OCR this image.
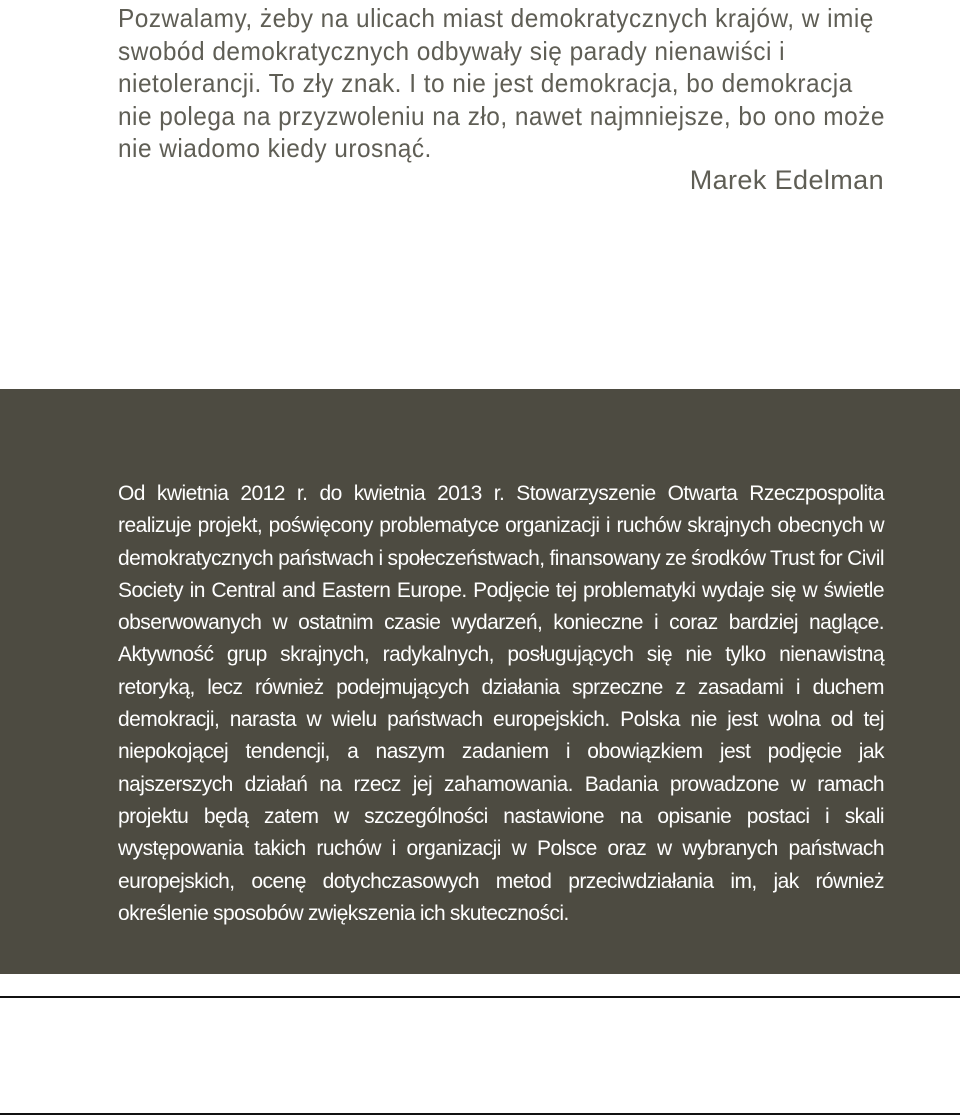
Pozwalamy, żeby na ulicach miast demokratycznych krajów, w imię swobód demokratycznych odbywały się parady nienawiści i nietolerancji. To zły znak. I to nie jest demokracja, bo demokracja nie polega na przyzwoleniu na zło, nawet najmniejsze, bo ono może nie wiadomo kiedy urosnąć.

Marek Edelman

Od kwietnia 2012 r. do kwietnia 2013 r. Stowarzyszenie Otwarta Rzeczpospolita realizuje projekt, poświęcony problematyce organizacji i ruchów skrajnych obecnych w demokratycznych państwach i społeczeństwach, finansowany ze środków Trust for Civil Society in Central and Eastern Europe. Podjęcie tej problematyki wydaje się w świetle obserwowanych w ostatnim czasie wydarzeń, konieczne i coraz bardziej naglące. Aktywność grup skrajnych, radykalnych, posługujących się nie tylko nienawistną retoryką, lecz również podejmujących działania sprzeczne z zasadami i duchem demokracji, narasta w wielu państwach europejskich. Polska nie jest wolna od tej niepokojącej tendencji, a naszym zadaniem i obowiązkiem jest podjęcie jak najszerszych działań na rzecz jej zahamowania. Badania prowadzone w ramach projektu będą zatem w szczególności nastawione na opisanie postaci i skali występowania takich ruchów i organizacji w Polsce oraz w wybranych państwach europejskich, ocenę dotychczasowych metod przeciwdziałania im, jak również określenie sposobów zwiększenia ich skuteczności.
